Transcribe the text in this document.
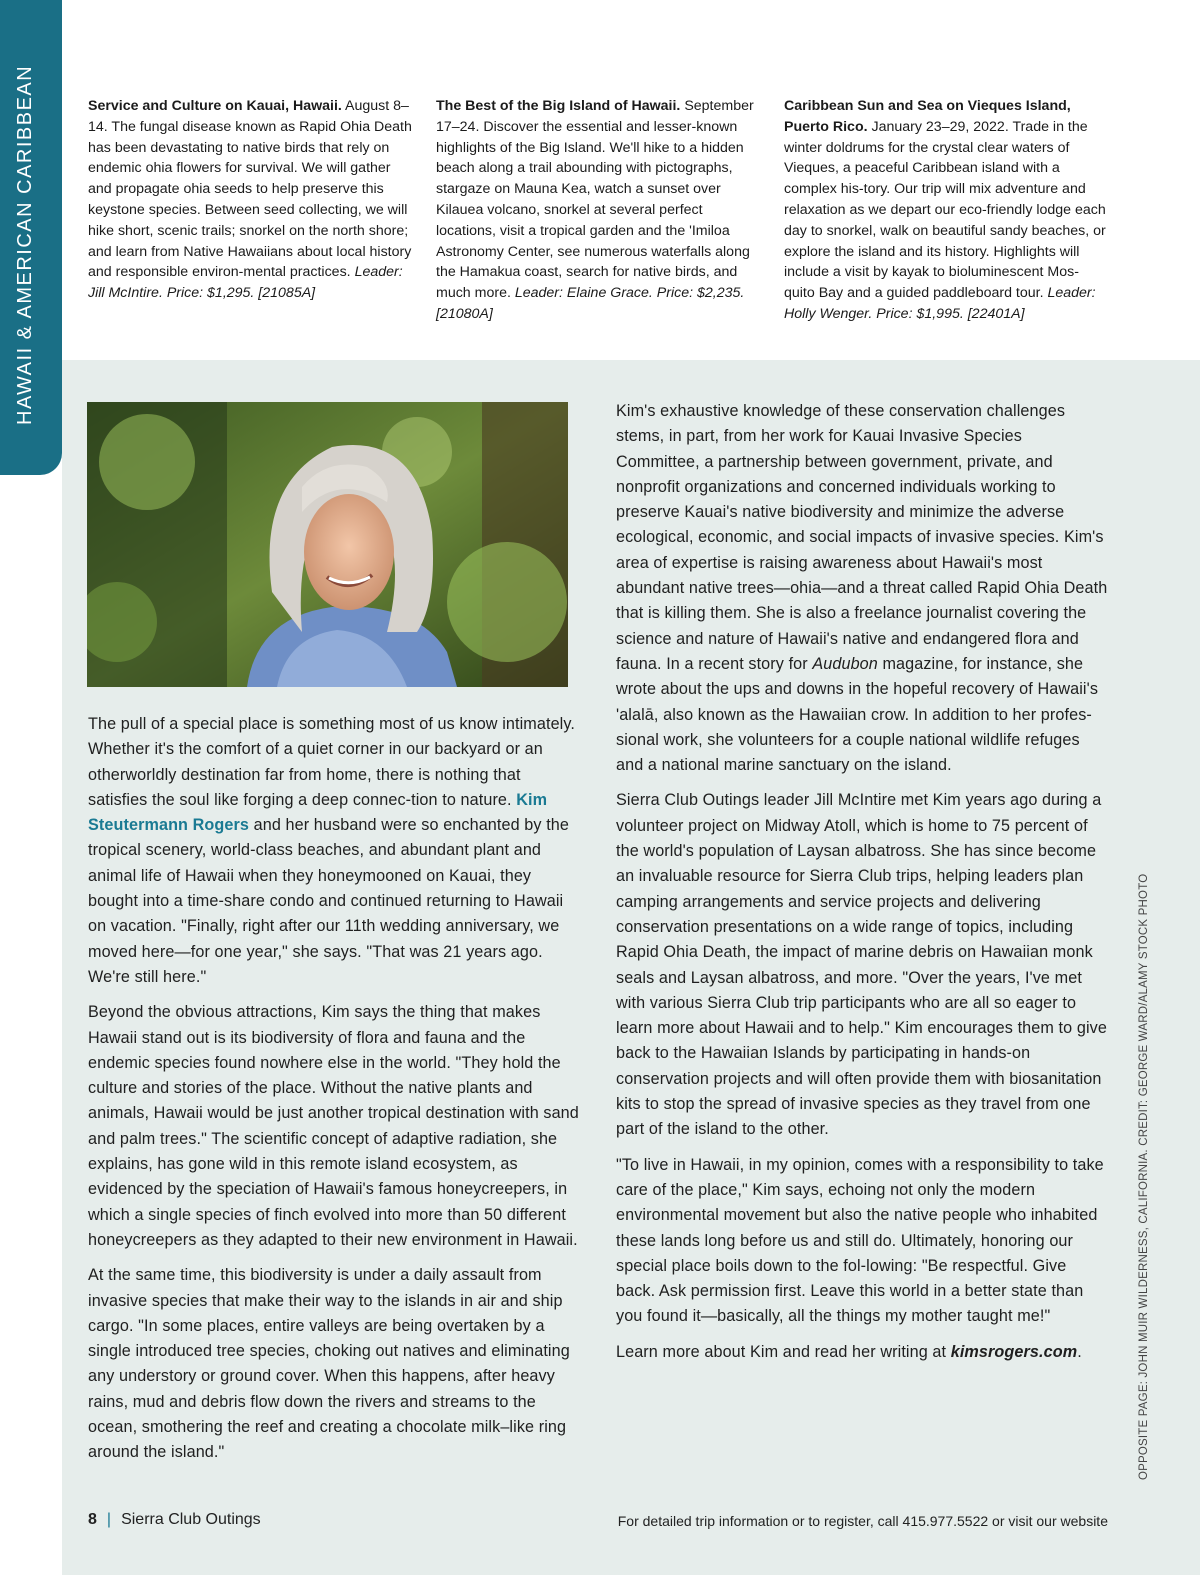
HAWAII & AMERICAN CARIBBEAN	Service and Culture on Kauai, Hawaii. August 8–14. The fungal disease known as Rapid Ohia Death has been devastating to native birds that rely on endemic ohia flowers for survival. We will gather and propagate ohia seeds to help preserve this keystone species. Between seed collecting, we will hike short, scenic trails; snorkel on the north shore; and learn from Native Hawaiians about local history and responsible environ-mental practices. Leader: Jill McIntire. Price: $1,295. [21085A]
The Best of the Big Island of Hawaii. September 17–24. Discover the essential and lesser-known highlights of the Big Island. We'll hike to a hidden beach along a trail abounding with pictographs, stargaze on Mauna Kea, watch a sunset over Kilauea volcano, snorkel at several perfect locations, visit a tropical garden and the 'Imiloa Astronomy Center, see numerous waterfalls along the Hamakua coast, search for native birds, and much more. Leader: Elaine Grace. Price: $2,235. [21080A]
Caribbean Sun and Sea on Vieques Island, Puerto Rico. January 23–29, 2022. Trade in the winter doldrums for the crystal clear waters of Vieques, a peaceful Caribbean island with a complex his-tory. Our trip will mix adventure and relaxation as we depart our eco-friendly lodge each day to snorkel, walk on beautiful sandy beaches, or explore the island and its history. Highlights will include a visit by kayak to bioluminescent Mos-quito Bay and a guided paddleboard tour. Leader: Holly Wenger. Price: $1,995. [22401A]

The pull of a special place is something most of us know intimately. Whether it's the comfort of a quiet corner in our backyard or an otherworldly destination far from home, there is nothing that satisfies the soul like forging a deep connec-tion to nature. Kim Steutermann Rogers and her husband were so enchanted by the tropical scenery, world-class beaches, and abundant plant and animal life of Hawaii when they honeymooned on Kauai, they bought into a time-share condo and continued returning to Hawaii on vacation. "Finally, right after our 11th wedding anniversary, we moved here—for one year," she says. "That was 21 years ago. We're still here."

Beyond the obvious attractions, Kim says the thing that makes Hawaii stand out is its biodiversity of flora and fauna and the endemic species found nowhere else in the world. "They hold the culture and stories of the place. Without the native plants and animals, Hawaii would be just another tropical destination with sand and palm trees." The scientific concept of adaptive radiation, she explains, has gone wild in this remote island ecosystem, as evidenced by the speciation of Hawaii's famous honeycreepers, in which a single species of finch evolved into more than 50 different honeycreepers as they adapted to their new environment in Hawaii.

At the same time, this biodiversity is under a daily assault from invasive species that make their way to the islands in air and ship cargo. "In some places, entire valleys are being overtaken by a single introduced tree species, choking out natives and eliminating any understory or ground cover. When this happens, after heavy rains, mud and debris flow down the rivers and streams to the ocean, smothering the reef and creating a chocolate milk–like ring around the island."

Kim's exhaustive knowledge of these conservation challenges stems, in part, from her work for Kauai Invasive Species Committee, a partnership between government, private, and nonprofit organizations and concerned individuals working to preserve Kauai's native biodiversity and minimize the adverse ecological, economic, and social impacts of invasive species. Kim's area of expertise is raising awareness about Hawaii's most abundant native trees—ohia—and a threat called Rapid Ohia Death that is killing them. She is also a freelance journalist covering the science and nature of Hawaii's native and endangered flora and fauna. In a recent story for Audubon magazine, for instance, she wrote about the ups and downs in the hopeful recovery of Hawaii's 'alalā, also known as the Hawaiian crow. In addition to her profes-sional work, she volunteers for a couple national wildlife refuges and a national marine sanctuary on the island.

Sierra Club Outings leader Jill McIntire met Kim years ago during a volunteer project on Midway Atoll, which is home to 75 percent of the world's population of Laysan albatross. She has since become an invaluable resource for Sierra Club trips, helping leaders plan camping arrangements and service projects and delivering conservation presentations on a wide range of topics, including Rapid Ohia Death, the impact of marine debris on Hawaiian monk seals and Laysan albatross, and more. "Over the years, I've met with various Sierra Club trip participants who are all so eager to learn more about Hawaii and to help." Kim encourages them to give back to the Hawaiian Islands by participating in hands-on conservation projects and will often provide them with biosanitation kits to stop the spread of invasive species as they travel from one part of the island to the other.

"To live in Hawaii, in my opinion, comes with a responsibility to take care of the place," Kim says, echoing not only the modern environmental movement but also the native people who inhabited these lands long before us and still do. Ultimately, honoring our special place boils down to the fol-lowing: "Be respectful. Give back. Ask permission first. Leave this world in a better state than you found it—basically, all the things my mother taught me!"

Learn more about Kim and read her writing at kimsrogers.com.	OPPOSITE PAGE: JOHN MUIR WILDERNESS, CALIFORNIA. CREDIT: GEORGE WARD/ALAMY STOCK PHOTO
8 | Sierra Club Outings	For detailed trip information or to register, call 415.977.5522 or visit our website
